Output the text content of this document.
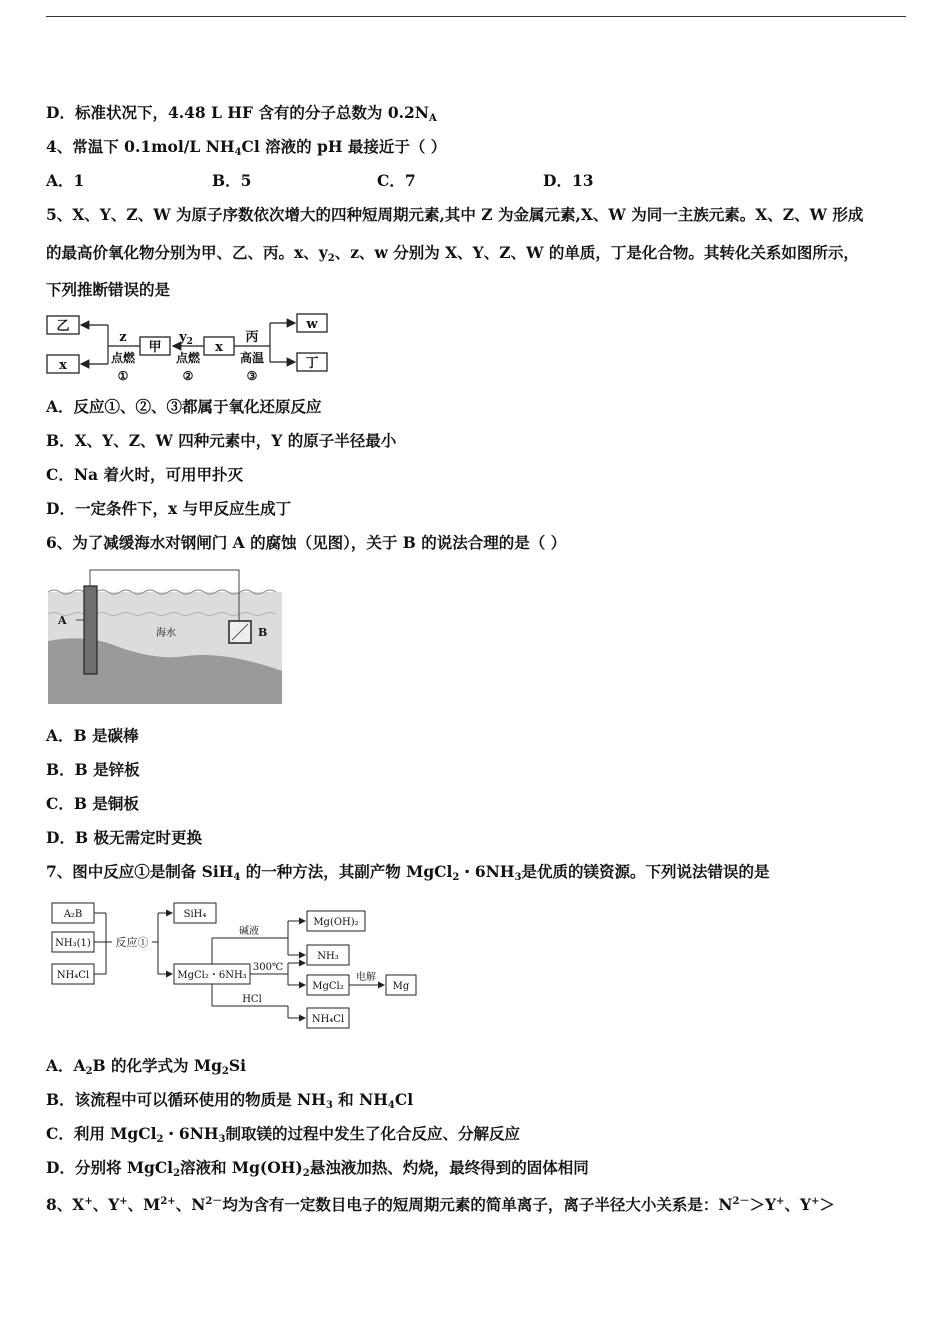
D．标准状况下，4.48 L HF 含有的分子总数为 $0.2N_A$
4、常温下 0.1mol/L $NH_4Cl$ 溶液的 pH 最接近于（ ）
A．1	B．5	C．7	D．13
5、X、Y、Z、W 为原子序数依次增大的四种短周期元素,其中 Z 为金属元素,X、W 为同一主族元素。X、Z、W 形成
的最高价氧化物分别为甲、乙、丙。x、$y_2$、z、w 分别为 X、Y、Z、W 的单质，丁是化合物。其转化关系如图所示，
下列推断错误的是
乙
x
甲	x
w
丁
z	$y_2$	丙
点燃	点燃	高温
①	②	③
A．反应①、②、③都属于氧化还原反应
B．X、Y、Z、W 四种元素中，Y 的原子半径最小
C．Na 着火时，可用甲扑灭
D．一定条件下，x 与甲反应生成丁
6、为了减缓海水对钢闸门 A 的腐蚀（见图），关于 B 的说法合理的是（ ）
A
B
海水
A．B 是碳棒
B．B 是锌板
C．B 是铜板
D．B 极无需定时更换
7、图中反应①是制备 SiH$_4$ 的一种方法，其副产物 MgCl$_2$・$6NH_3$是优质的镁资源。下列说法错误的是
A₂B
NH₃(1)
NH₄Cl
反应①
SiH₄
MgCl₂・6NH₃
碱液
300℃
HCl
Mg(OH)₂
NH₃
MgCl₂
电解
Mg
NH₄Cl
A．$A_2B$ 的化学式为 $Mg_2Si$
B．该流程中可以循环使用的物质是 $NH_3$ 和 $NH_4Cl$
C．利用 MgCl$_2$・$6NH_3$制取镁的过程中发生了化合反应、分解反应
D．分别将 MgCl$_2$溶液和 $Mg(OH)_2$悬浊液加热、灼烧，最终得到的固体相同
8、X+、Y+、$M^{2+}$、$N^{2-}$均为含有一定数目电子的短周期元素的简单离子，离子半径大小关系是：$N^{2-}>Y^+$、Y+＞
